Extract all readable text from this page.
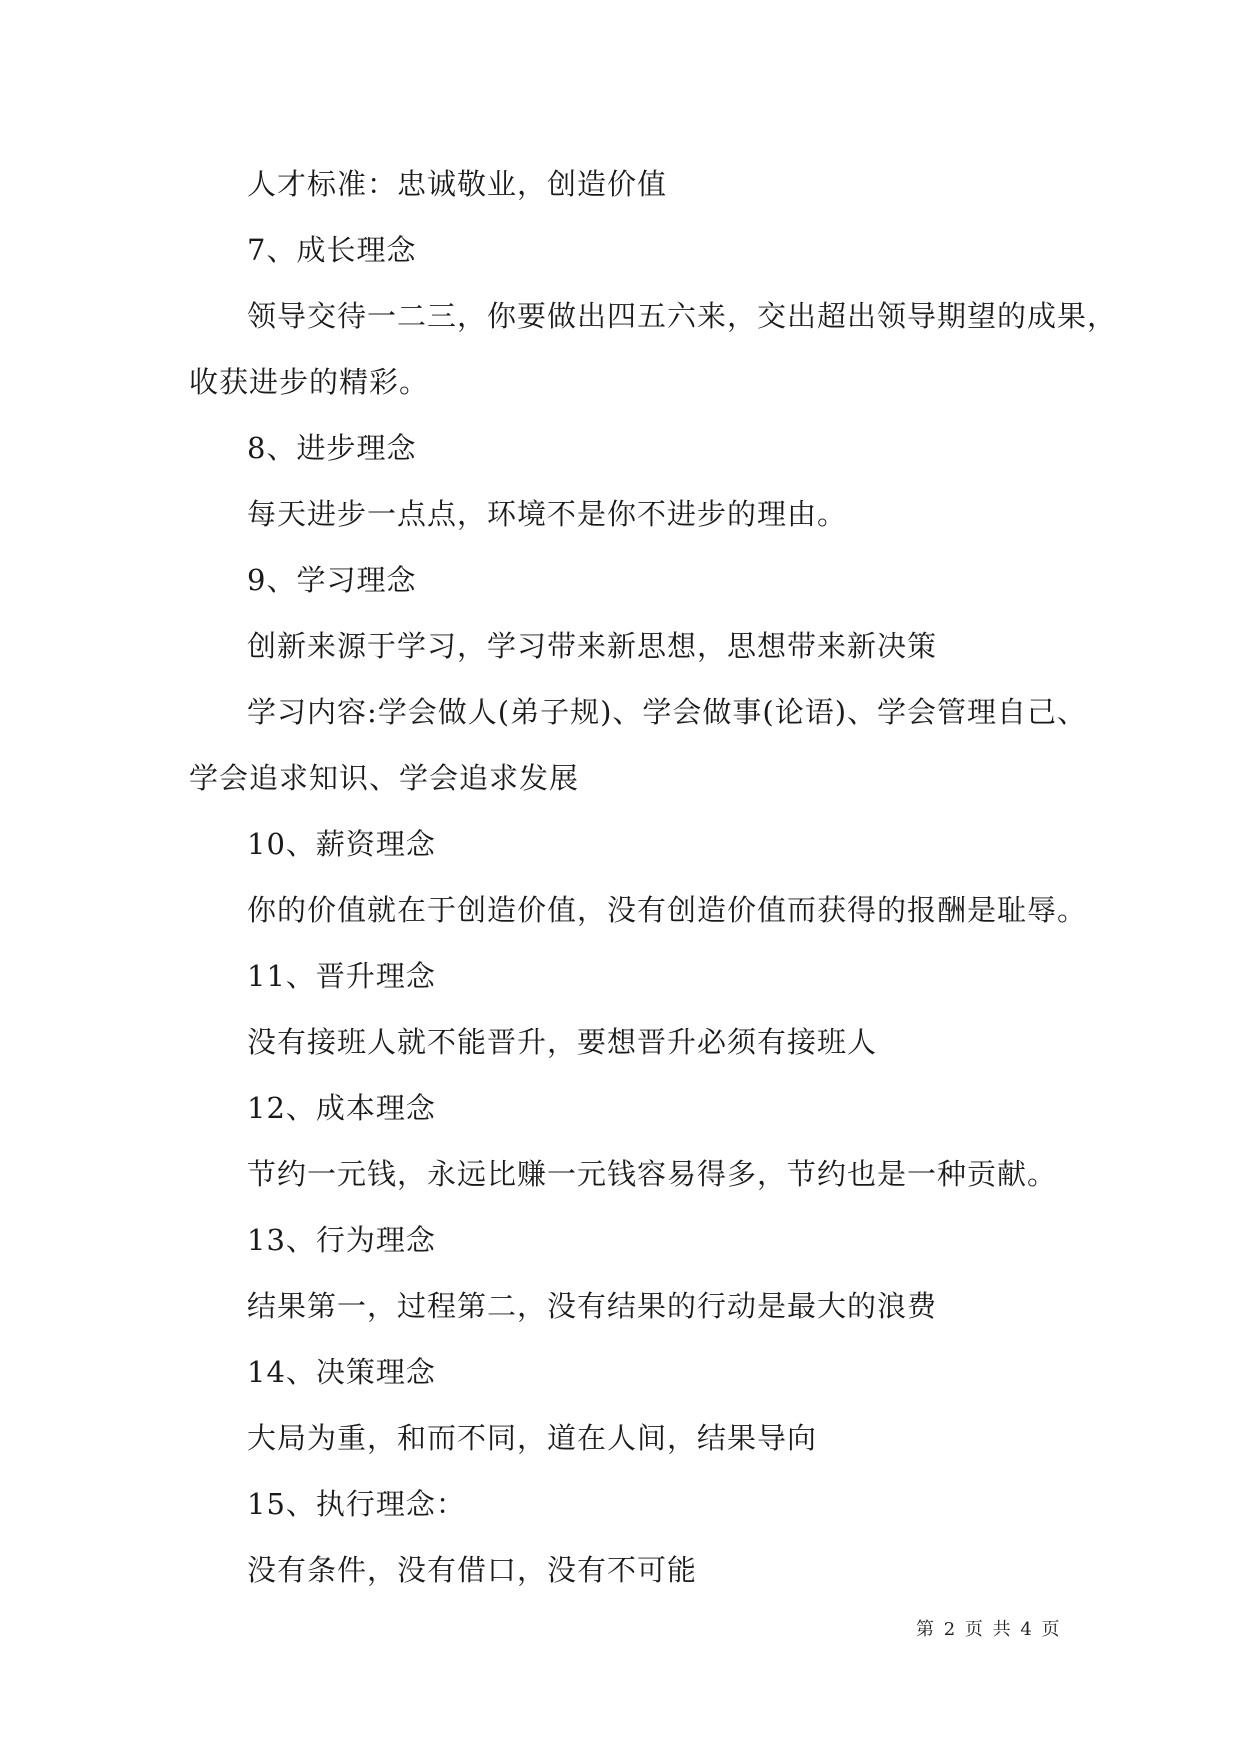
人才标准：忠诚敬业，创造价值
7、成长理念
领导交待一二三，你要做出四五六来，交出超出领导期望的成果，
收获进步的精彩。
8、进步理念
每天进步一点点，环境不是你不进步的理由。
9、学习理念
创新来源于学习，学习带来新思想，思想带来新决策
学习内容:学会做人(弟子规)、学会做事(论语)、学会管理自己、
学会追求知识、学会追求发展
10、薪资理念
你的价值就在于创造价值，没有创造价值而获得的报酬是耻辱。
11、晋升理念
没有接班人就不能晋升，要想晋升必须有接班人
12、成本理念
节约一元钱，永远比赚一元钱容易得多，节约也是一种贡献。
13、行为理念
结果第一，过程第二，没有结果的行动是最大的浪费
14、决策理念
大局为重，和而不同，道在人间，结果导向
15、执行理念：
没有条件，没有借口，没有不可能
第 2 页 共 4 页
